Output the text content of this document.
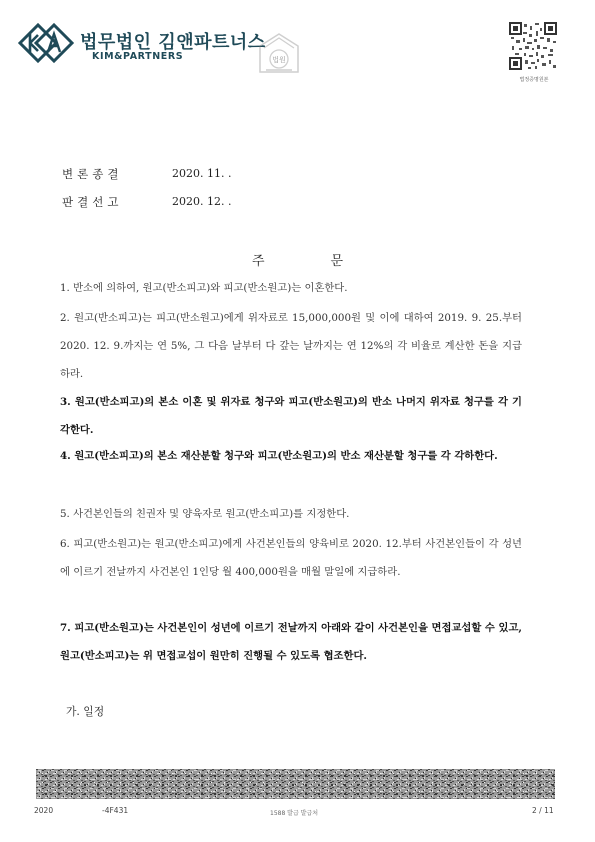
법무법인 김앤파트너스
KIM&PARTNERS	법원
법정증명원본
변론종결	2020. 11. .
판결선고	2020. 12. .
주	문
1. 반소에 의하여, 원고(반소피고)와 피고(반소원고)는 이혼한다.
2. 원고(반소피고)는 피고(반소원고)에게 위자료로 15,000,000원 및 이에 대하여 2019. 9. 25.부터 2020. 12. 9.까지는 연 5%, 그 다음 날부터 다 갚는 날까지는 연 12%의 각 비율로 계산한 돈을 지급하라.
3. 원고(반소피고)의 본소 이혼 및 위자료 청구와 피고(반소원고)의 반소 나머지 위자료 청구를 각 기각한다.
4. 원고(반소피고)의 본소 재산분할 청구와 피고(반소원고)의 반소 재산분할 청구를 각 각하한다.
5. 사건본인들의 친권자 및 양육자로 원고(반소피고)를 지정한다.
6. 피고(반소원고)는 원고(반소피고)에게 사건본인들의 양육비로 2020. 12.부터 사건본인들이 각 성년에 이르기 전날까지 사건본인 1인당 월 400,000원을 매월 말일에 지급하라.
7. 피고(반소원고)는 사건본인이 성년에 이르기 전날까지 아래와 같이 사건본인을 면접교섭할 수 있고, 원고(반소피고)는 위 면접교섭이 원만히 진행될 수 있도록 협조한다.
가. 일정
2020	-4F431	1588 발급 발급처	2 / 11
